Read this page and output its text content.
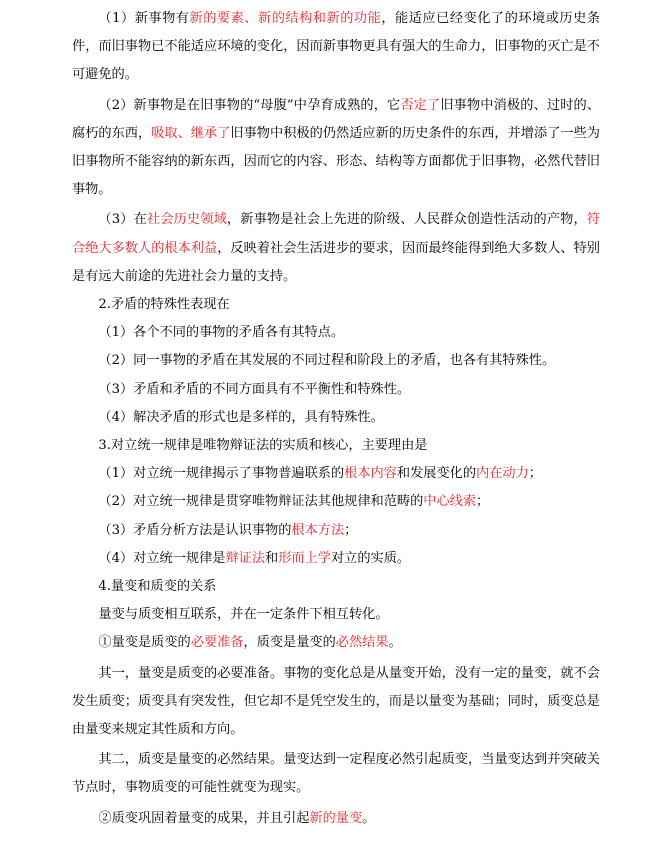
（1）新事物有新的要素、新的结构和新的功能，能适应已经变化了的环境或历史条件，而旧事物已不能适应环境的变化，因而新事物更具有强大的生命力，旧事物的灭亡是不可避免的。

（2）新事物是在旧事物的“母腹”中孕育成熟的，它否定了旧事物中消极的、过时的、腐朽的东西，吸取、继承了旧事物中积极的仍然适应新的历史条件的东西，并增添了一些为旧事物所不能容纳的新东西，因而它的内容、形态、结构等方面都优于旧事物，必然代替旧事物。

（3）在社会历史领域，新事物是社会上先进的阶级、人民群众创造性活动的产物，符合绝大多数人的根本利益，反映着社会生活进步的要求，因而最终能得到绝大多数人、特别是有远大前途的先进社会力量的支持。

2.矛盾的特殊性表现在

（1）各个不同的事物的矛盾各有其特点。

（2）同一事物的矛盾在其发展的不同过程和阶段上的矛盾，也各有其特殊性。

（3）矛盾和矛盾的不同方面具有不平衡性和特殊性。

（4）解决矛盾的形式也是多样的，具有特殊性。

3.对立统一规律是唯物辩证法的实质和核心，主要理由是

（1）对立统一规律揭示了事物普遍联系的根本内容和发展变化的内在动力；

（2）对立统一规律是贯穿唯物辩证法其他规律和范畴的中心线索；

（3）矛盾分析方法是认识事物的根本方法；

（4）对立统一规律是辩证法和形而上学对立的实质。

4.量变和质变的关系

量变与质变相互联系，并在一定条件下相互转化。

①量变是质变的必要准备，质变是量变的必然结果。

其一，量变是质变的必要准备。事物的变化总是从量变开始，没有一定的量变，就不会发生质变；质变具有突发性，但它却不是凭空发生的，而是以量变为基础；同时，质变总是由量变来规定其性质和方向。

其二，质变是量变的必然结果。量变达到一定程度必然引起质变，当量变达到并突破关节点时，事物质变的可能性就变为现实。

②质变巩固着量变的成果，并且引起新的量变。
